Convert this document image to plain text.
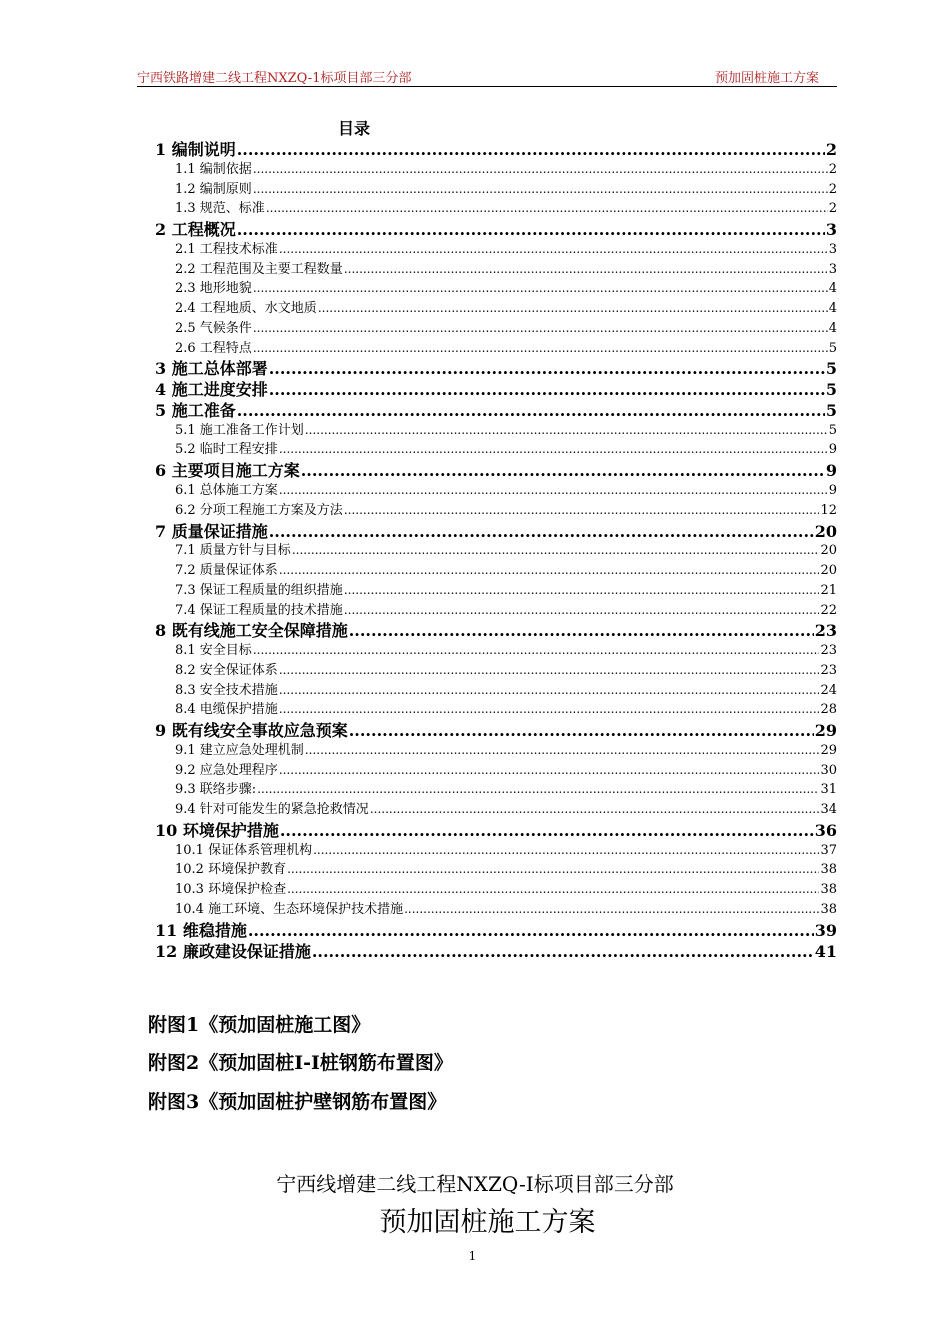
宁西铁路增建二线工程NXZQ-1标项目部三分部	预加固桩施工方案
目录
1 编制说明 .....	2
1.1 编制依据 .....	2
1.2 编制原则 .....	2
1.3 规范、标准 .....	2
2 工程概况 .....	3
2.1 工程技术标准 .....	3
2.2 工程范围及主要工程数量 .....	3
2.3 地形地貌 .....	4
2.4 工程地质、水文地质 .....	4
2.5 气候条件 .....	4
2.6 工程特点 .....	5
3 施工总体部署 .....	5
4 施工进度安排 .....	5
5 施工准备 .....	5
5.1 施工准备工作计划 .....	5
5.2 临时工程安排 .....	9
6 主要项目施工方案 .....	9
6.1 总体施工方案 .....	9
6.2 分项工程施工方案及方法 .....	12
7 质量保证措施 .....	20
7.1 质量方针与目标 .....	20
7.2 质量保证体系 .....	20
7.3 保证工程质量的组织措施 .....	21
7.4 保证工程质量的技术措施 .....	22
8 既有线施工安全保障措施 .....	23
8.1 安全目标 .....	23
8.2 安全保证体系 .....	23
8.3 安全技术措施 .....	24
8.4 电缆保护措施 .....	28
9 既有线安全事故应急预案 .....	29
9.1 建立应急处理机制 .....	29
9.2 应急处理程序 .....	30
9.3 联络步骤: .....	31
9.4 针对可能发生的紧急抢救情况 .....	34
10 环境保护措施 .....	36
10.1 保证体系管理机构 .....	37
10.2 环境保护教育 .....	38
10.3 环境保护检查 .....	38
10.4 施工环境、生态环境保护技术措施 .....	38
11 维稳措施 .....	39
12 廉政建设保证措施 .....	41
附图1《预加固桩施工图》
附图2《预加固桩Ⅰ-Ⅰ桩钢筋布置图》
附图3《预加固桩护壁钢筋布置图》
宁西线增建二线工程NXZQ-Ⅰ标项目部三分部
预加固桩施工方案
1
